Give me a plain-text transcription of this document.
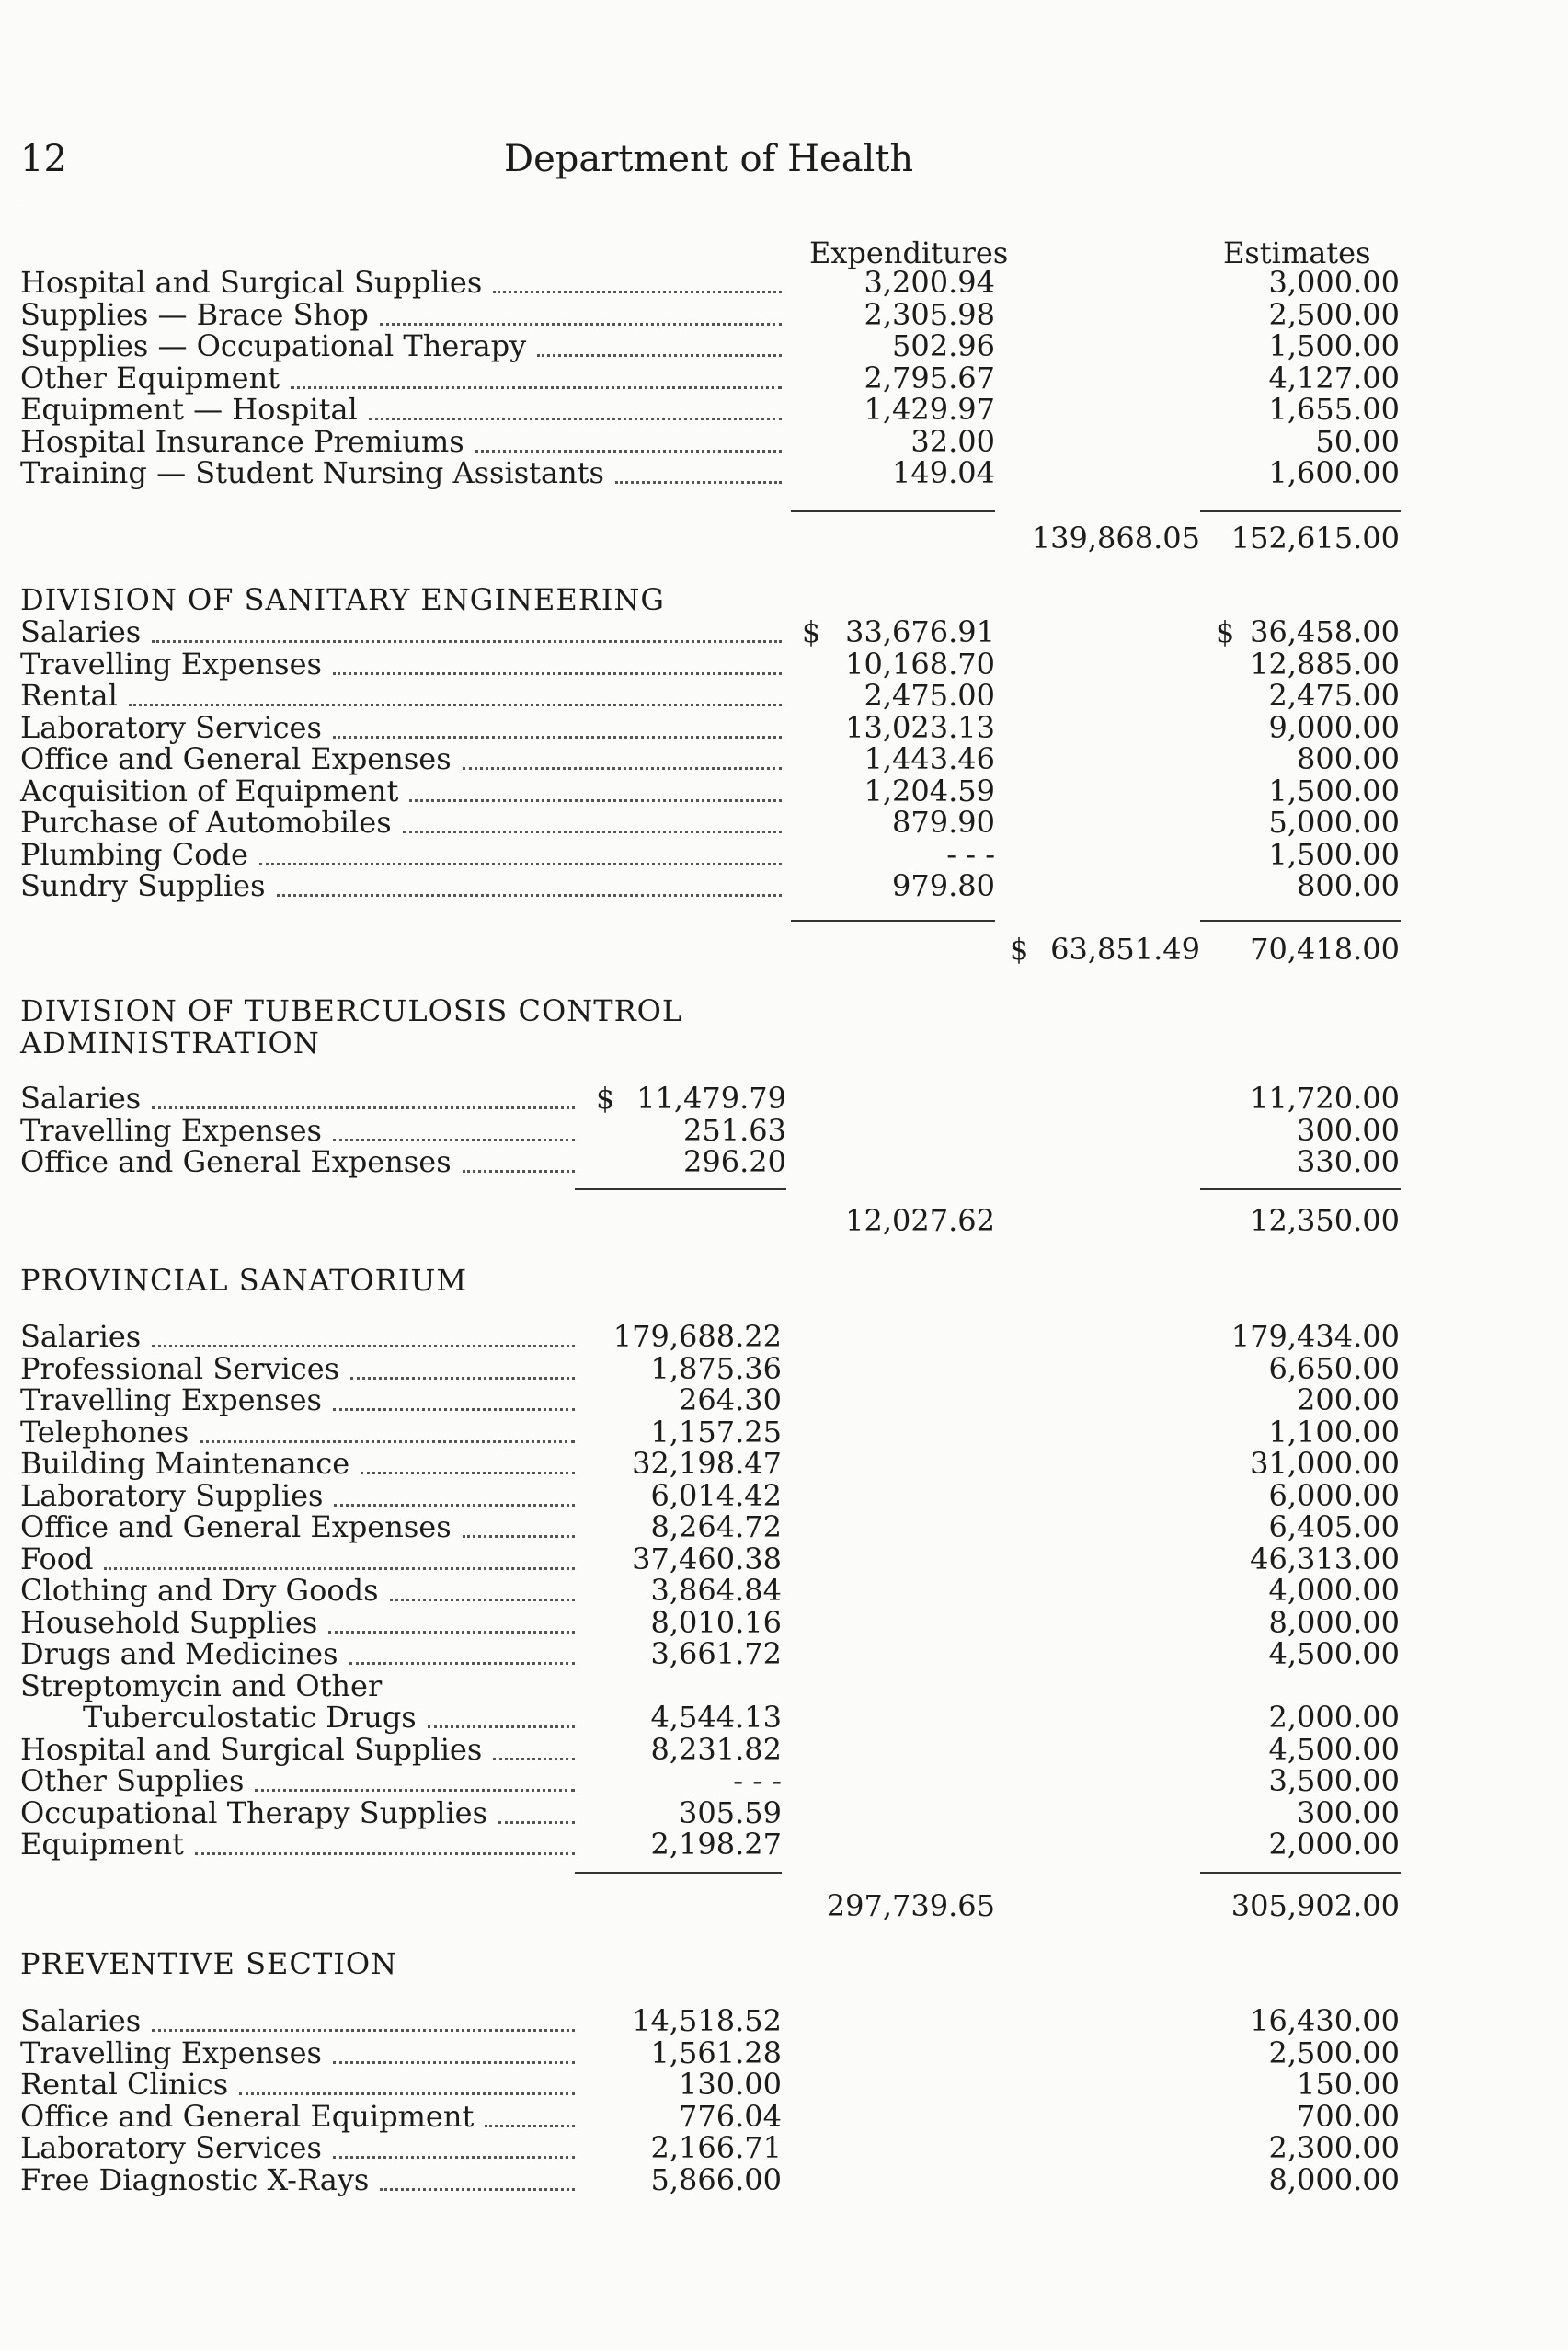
12	Department of Health
Expenditures	Estimates
Hospital and Surgical Supplies	3,200.94	3,000.00
Supplies — Brace Shop	2,305.98	2,500.00
Supplies — Occupational Therapy	502.96	1,500.00
Other Equipment	2,795.67	4,127.00
Equipment — Hospital	1,429.97	1,655.00
Hospital Insurance Premiums	32.00	50.00
Training — Student Nursing Assistants	149.04	1,600.00
139,868.05 152,615.00
DIVISION OF SANITARY ENGINEERING
Salaries	$ 33,676.91	$ 36,458.00
Travelling Expenses	10,168.70	12,885.00
Rental	2,475.00	2,475.00
Laboratory Services	13,023.13	9,000.00
Office and General Expenses	1,443.46	800.00
Acquisition of Equipment	1,204.59	1,500.00
Purchase of Automobiles	879.90	5,000.00
Plumbing Code	- - -	1,500.00
Sundry Supplies	979.80	800.00
$ 63,851.49 70,418.00
DIVISION OF TUBERCULOSIS CONTROL
ADMINISTRATION
Salaries	$ 11,479.79	11,720.00
Travelling Expenses	251.63	300.00
Office and General Expenses	296.20	330.00
12,027.62	12,350.00
PROVINCIAL SANATORIUM
Salaries	179,688.22	179,434.00
Professional Services	1,875.36	6,650.00
Travelling Expenses	264.30	200.00
Telephones	1,157.25	1,100.00
Building Maintenance	32,198.47	31,000.00
Laboratory Supplies	6,014.42	6,000.00
Office and General Expenses	8,264.72	6,405.00
Food	37,460.38	46,313.00
Clothing and Dry Goods	3,864.84	4,000.00
Household Supplies	8,010.16	8,000.00
Drugs and Medicines	3,661.72	4,500.00
Streptomycin and Other
Tuberculostatic Drugs	4,544.13	2,000.00
Hospital and Surgical Supplies	8,231.82	4,500.00
Other Supplies	- - -	3,500.00
Occupational Therapy Supplies	305.59	300.00
Equipment	2,198.27	2,000.00
297,739.65	305,902.00
PREVENTIVE SECTION
Salaries	14,518.52	16,430.00
Travelling Expenses	1,561.28	2,500.00
Rental Clinics	130.00	150.00
Office and General Equipment	776.04	700.00
Laboratory Services	2,166.71	2,300.00
Free Diagnostic X-Rays	5,866.00	8,000.00
